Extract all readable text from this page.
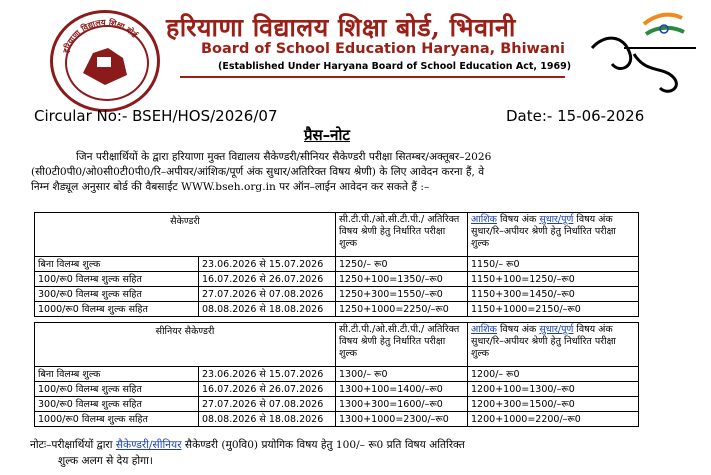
हरियाणा विद्यालय शिक्षा बोर्ड हरियाणा विद्यालय शिक्षा बोर्ड, भिवानी
Board of School Education Haryana, Bhiwani
(Established Under Haryana Board of School Education Act, 1969)
Circular No:- BSEH/HOS/2026/07	Date:- 15-06-2026
प्रैस–नोट
जिन परीक्षार्थियों के द्वारा हरियाणा मुक्त विद्यालय सैकेण्डरी/सीनियर सैकेण्डरी परीक्षा सितम्बर/अक्तूबर–2026
(सी0टी0पी0/ओ0सी0टी0पी0/रि–अपीयर/आंशिक/पूर्ण अंक सुधार/अतिरिक्त विषय श्रेणी) के लिए आवेदन करना हैं, वे
निम्न शैड्यूल अनुसार बोर्ड की वैबसाईट WWW.bseh.org.in पर ऑन–लाईन आवेदन कर सकते हैं :–
सैकेण्डरी		सी.टी.पी./ओ.सी.टी.पी./ अतिरिक्त विषय श्रेणी हेतु निर्धारित परीक्षा शुल्क	आशिक विषय अंक सुधार/पूर्ण विषय अंक सुधार/रि–अपीयर श्रेणी हेतु निर्धारित परीक्षा शुल्क
बिना विलम्ब शुल्क	23.06.2026 से 15.07.2026	1250/– रू0	1150/– रू0
100/रू0 विलम्ब शुल्क सहित	16.07.2026 से 26.07.2026	1250+100=1350/–रू0	1150+100=1250/–रू0
300/रू0 विलम्ब शुल्क सहित	27.07.2026 से 07.08.2026	1250+300=1550/–रू0	1150+300=1450/–रू0
1000/रू0 विलम्ब शुल्क सहित	08.08.2026 से 18.08.2026	1250+1000=2250/–रू0	1150+1000=2150/–रू0
सीनियर सैकेण्डरी		सी.टी.पी./ओ.सी.टी.पी./ अतिरिक्त विषय श्रेणी हेतु निर्धारित परीक्षा शुल्क	आशिक विषय अंक सुधार/पूर्ण विषय अंक सुधार/रि–अपीयर श्रेणी हेतु निर्धारित परीक्षा शुल्क
बिना विलम्ब शुल्क	23.06.2026 से 15.07.2026	1300/– रू0	1200/– रू0
100/रू0 विलम्ब शुल्क सहित	16.07.2026 से 26.07.2026	1300+100=1400/–रू0	1200+100=1300/–रू0
300/रू0 विलम्ब शुल्क सहित	27.07.2026 से 07.08.2026	1300+300=1600/–रू0	1200+300=1500/–रू0
1000/रू0 विलम्ब शुल्क सहित	08.08.2026 से 18.08.2026	1300+1000=2300/–रू0	1200+1000=2200/–रू0
नोटः–परीक्षार्थियों द्वारा सैकेण्डरी/सीनियर सैकेण्डरी (मु0वि0) प्रयोगिक विषय हेतु 100/– रू0 प्रति विषय अतिरिक्त
शुल्क अलग से देय होगा।
